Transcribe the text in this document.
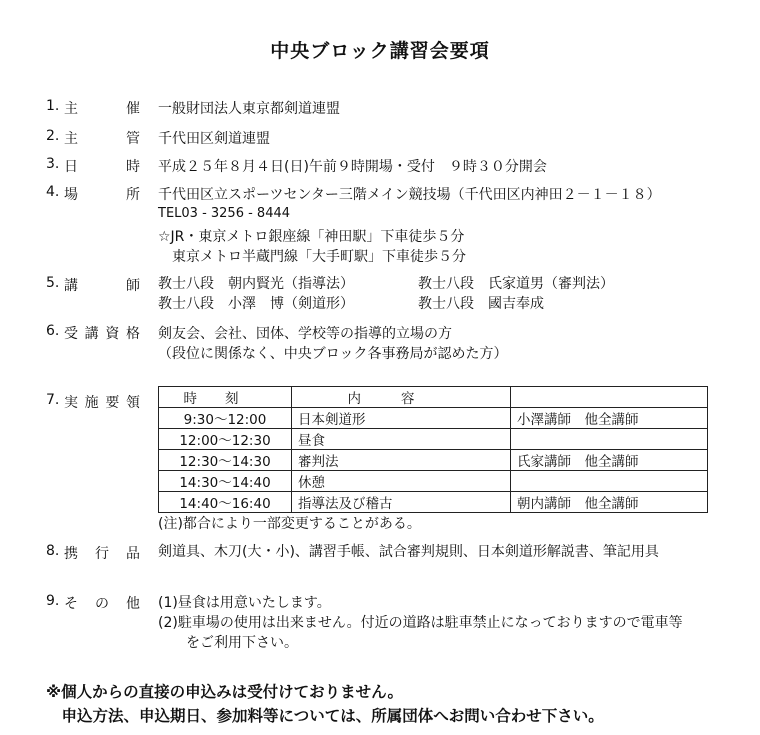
中央ブロック講習会要項
1. 主	催 一般財団法人東京都剣道連盟
2. 主	管 千代田区剣道連盟
3. 日	時 平成２５年８月４日(日)午前９時開場・受付　９時３０分開会
4. 場	所 千代田区立スポーツセンター三階メイン競技場（千代田区内神田２－１－１８）
TEL03 - 3256 - 8444
☆JR・東京メトロ銀座線「神田駅」下車徒歩５分
　東京メトロ半蔵門線「大手町駅」下車徒歩５分
5. 講	師 教士八段　朝内賢光（指導法）	教士八段　氏家道男（審判法）
教士八段　小澤　博（剣道形）	教士八段　國吉奉成
6. 受 講 資 格 剣友会、会社、団体、学校等の指導的立場の方
（段位に関係なく、中央ブロック各事務局が認めた方）
7. 実 施 要 領	時刻	内容	
9:30～12:00	日本剣道形	小澤講師　他全講師
12:00～12:30	昼食	
12:30～14:30	審判法	氏家講師　他全講師
14:30～14:40	休憩	
14:40～16:40	指導法及び稽古	朝内講師　他全講師
(注)都合により一部変更することがある。
8. 携 行 品 剣道具、木刀(大・小)、講習手帳、試合審判規則、日本剣道形解説書、筆記用具
9. そ の 他 (1)昼食は用意いたします。
(2)駐車場の使用は出来ません。付近の道路は駐車禁止になっておりますので電車等
　　をご利用下さい。
※個人からの直接の申込みは受付けておりません。
　申込方法、申込期日、参加料等については、所属団体へお問い合わせ下さい。
